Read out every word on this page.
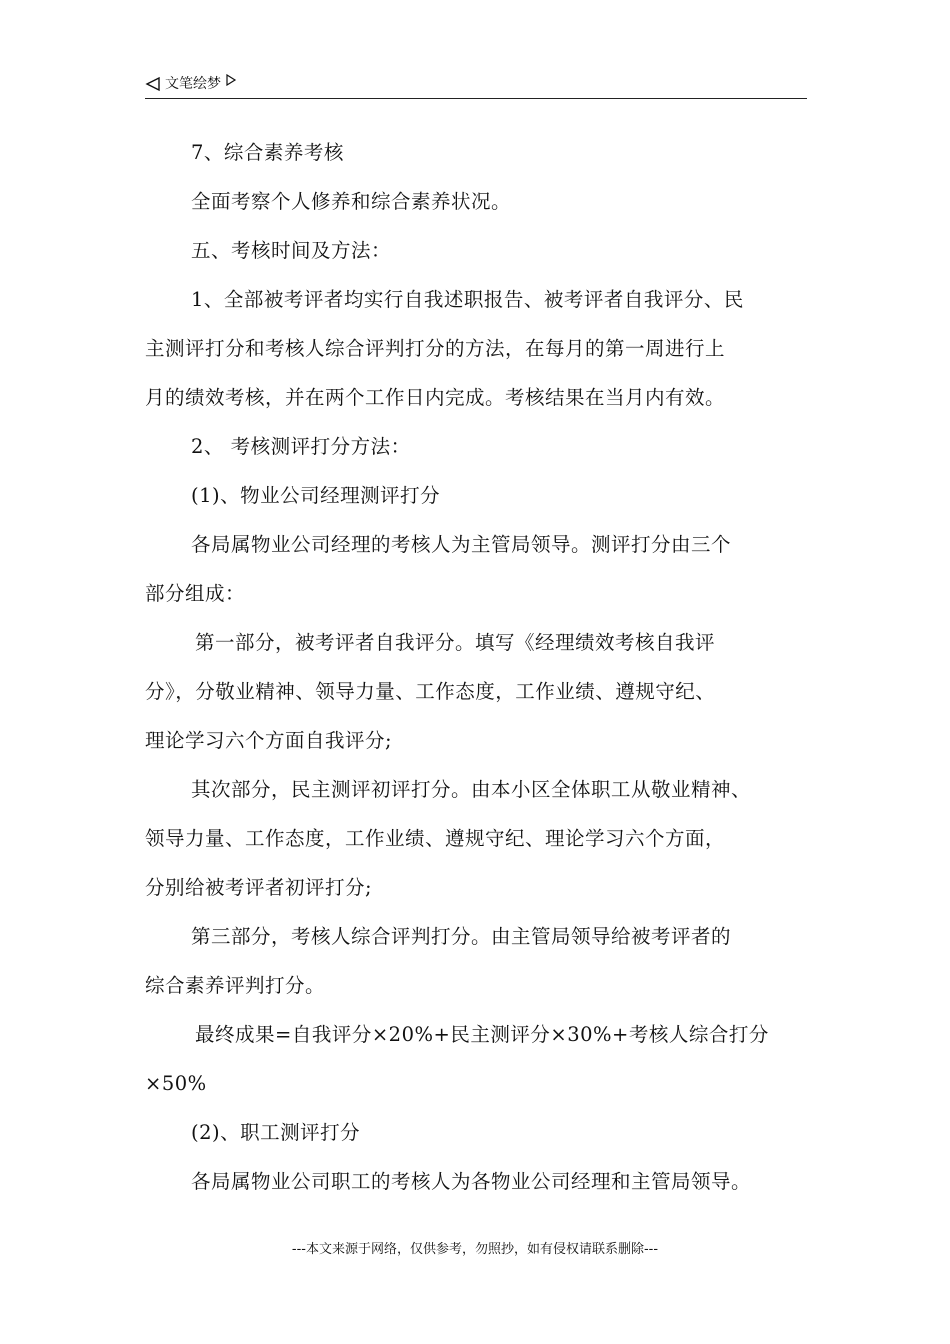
文笔绘梦

7、综合素养考核

全面考察个人修养和综合素养状况。

五、考核时间及方法：

1、全部被考评者均实行自我述职报告、被考评者自我评分、民

主测评打分和考核人综合评判打分的方法，在每月的第一周进行上

月的绩效考核，并在两个工作日内完成。考核结果在当月内有效。

2、 考核测评打分方法：

(1)、物业公司经理测评打分

各局属物业公司经理的考核人为主管局领导。测评打分由三个

部分组成：

第一部分，被考评者自我评分。填写《经理绩效考核自我评

分》，分敬业精神、领导力量、工作态度，工作业绩、遵规守纪、

理论学习六个方面自我评分;

其次部分，民主测评初评打分。由本小区全体职工从敬业精神、

领导力量、工作态度，工作业绩、遵规守纪、理论学习六个方面，

分别给被考评者初评打分;

第三部分，考核人综合评判打分。由主管局领导给被考评者的

综合素养评判打分。

最终成果=自我评分×20%+民主测评分×30%+考核人综合打分

×50%

(2)、职工测评打分

各局属物业公司职工的考核人为各物业公司经理和主管局领导。

---本文来源于网络，仅供参考，勿照抄，如有侵权请联系删除---
